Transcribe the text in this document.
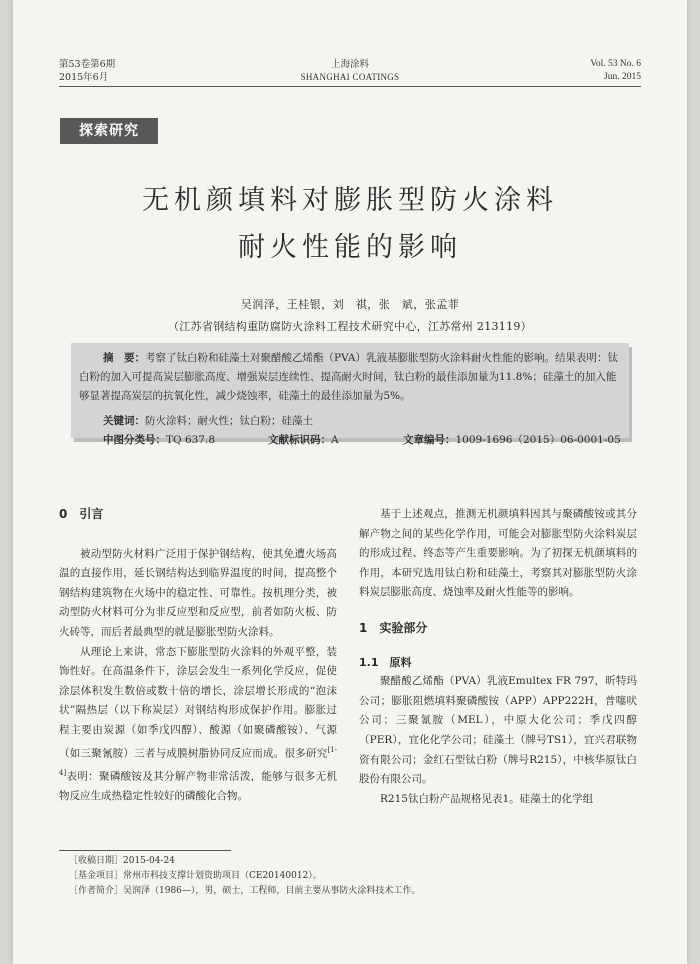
第53卷第6期
2015年6月
上海涂料
SHANGHAI COATINGS
Vol. 53 No. 6
Jun. 2015
探索研究
无机颜填料对膨胀型防火涂料
耐火性能的影响
吴润泽，王桂银，刘　祺，张　斌，张孟菲
（江苏省钢结构重防腐防火涂料工程技术研究中心，江苏常州 213119）
摘　要：考察了钛白粉和硅藻土对聚醋酸乙烯酯（PVA）乳液基膨胀型防火涂料耐火性能的影响。结果表明：钛白粉的加入可提高炭层膨胀高度、增强炭层连续性、提高耐火时间，钛白粉的最佳添加量为11.8%；硅藻土的加入能够显著提高炭层的抗氧化性，减少烧蚀率，硅藻土的最佳添加量为5%。
关键词：防火涂料；耐火性；钛白粉；硅藻土
中图分类号：TQ 637.8	文献标识码：A	文章编号：1009-1696（2015）06-0001-05
0　引言

被动型防火材料广泛用于保护钢结构，使其免遭火场高温的直接作用，延长钢结构达到临界温度的时间，提高整个钢结构建筑物在火场中的稳定性、可靠性。按机理分类，被动型防火材料可分为非反应型和反应型，前者如防火板、防火砖等，而后者最典型的就是膨胀型防火涂料。

从理论上来讲，常态下膨胀型防火涂料的外观平整，装饰性好。在高温条件下，涂层会发生一系列化学反应，促使涂层体积发生数倍或数十倍的增长，涂层增长形成的“泡沫状”隔热层（以下称炭层）对钢结构形成保护作用。膨胀过程主要由炭源（如季戊四醇）、酸源（如聚磷酸铵）、气源（如三聚氰胺）三者与成膜树脂协同反应而成。很多研究[1-4]表明：聚磷酸铵及其分解产物非常活泼，能够与很多无机物反应生成热稳定性较好的磷酸化合物。

基于上述观点，推测无机颜填料因其与聚磷酸铵或其分解产物之间的某些化学作用，可能会对膨胀型防火涂料炭层的形成过程、终态等产生重要影响。为了初探无机颜填料的作用，本研究选用钛白粉和硅藻土，考察其对膨胀型防火涂料炭层膨胀高度、烧蚀率及耐火性能等的影响。

1　实验部分
1.1　原料

聚醋酸乙烯酯（PVA）乳液Emultex FR 797，昕特玛公司；膨胀阻燃填料聚磷酸铵（APP）APP222H，普噻吠公司；三聚氰胺（MEL），中原大化公司；季戊四醇（PER），宜化化学公司；硅藻土（牌号TS1），宜兴君联物资有限公司；金红石型钛白粉（牌号R215），中核华原钛白股份有限公司。

R215钛白粉产品规格见表1。硅藻土的化学组

［收稿日期］2015-04-24
［基金项目］常州市科技支撑计划资助项目（CE20140012）。
［作者简介］吴润泽（1986—），男，硕士，工程师，目前主要从事防火涂料技术工作。
